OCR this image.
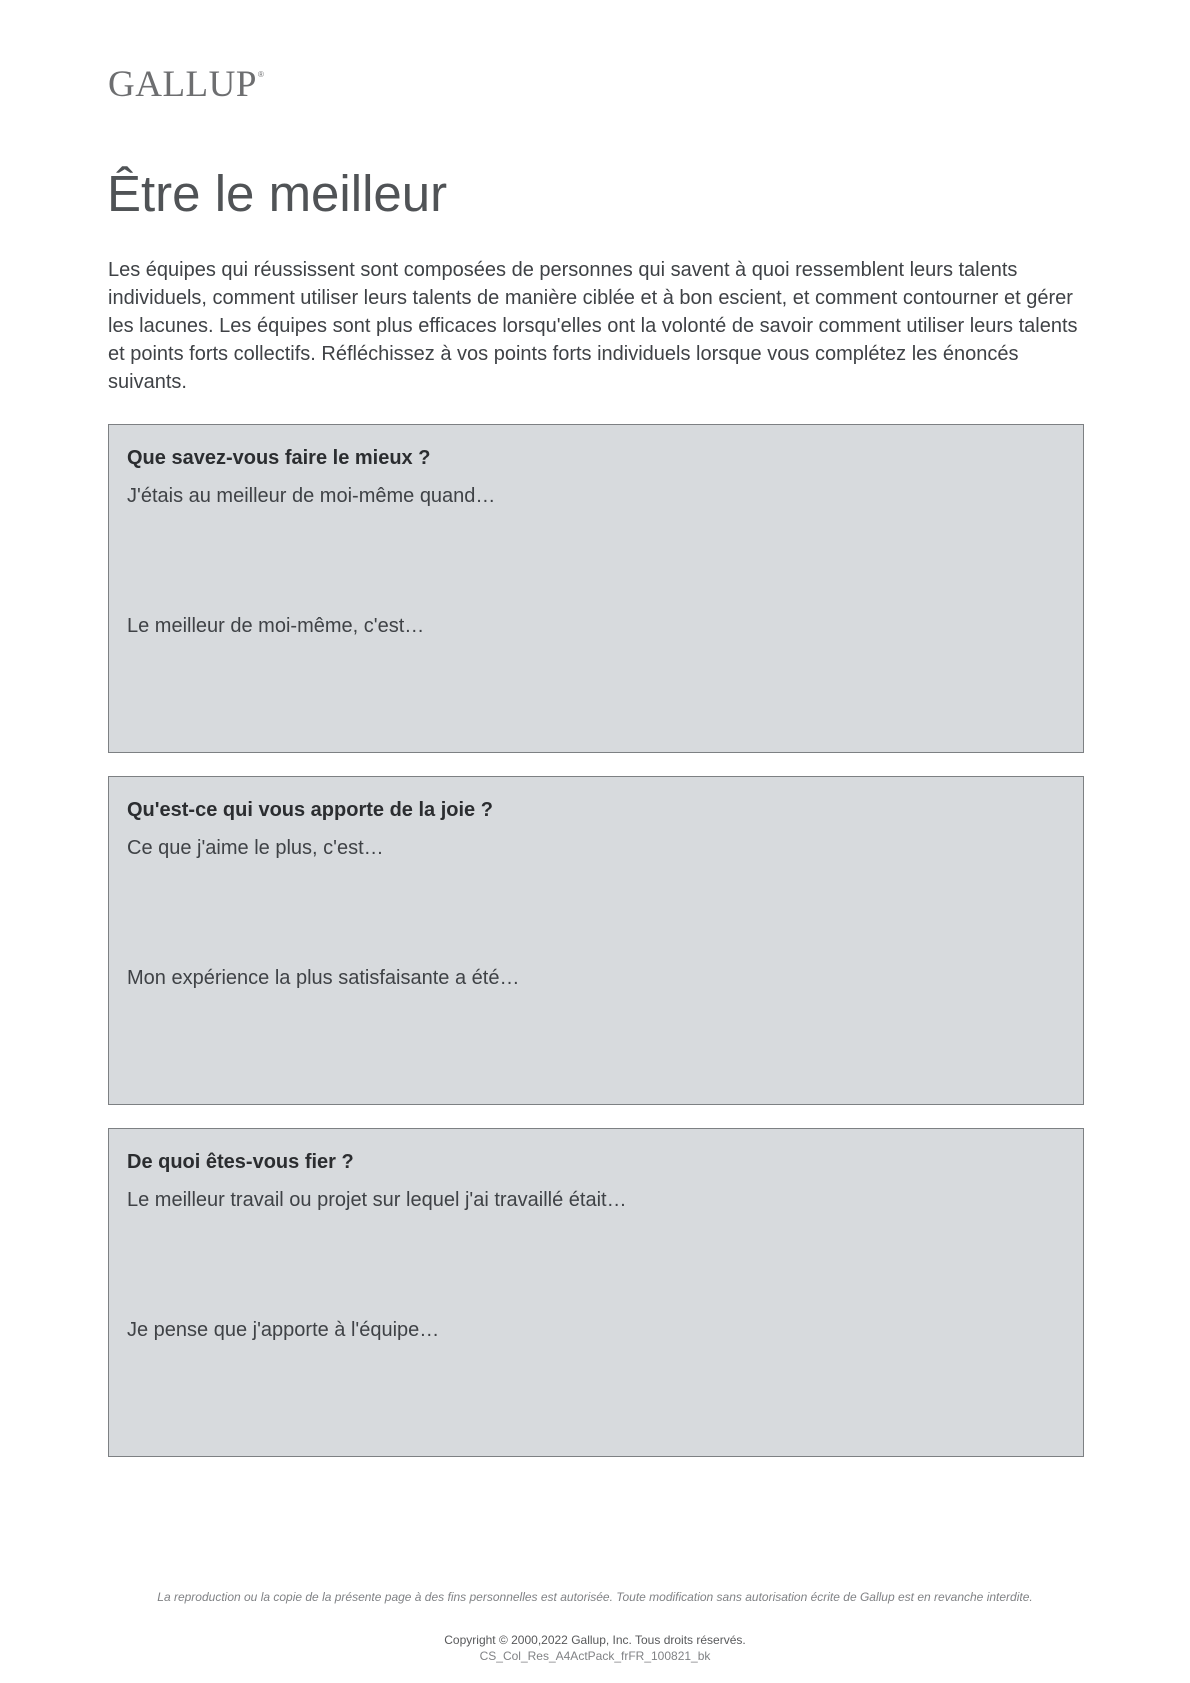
GALLUP®
Être le meilleur

Les équipes qui réussissent sont composées de personnes qui savent à quoi ressemblent leurs talents individuels, comment utiliser leurs talents de manière ciblée et à bon escient, et comment contourner et gérer les lacunes. Les équipes sont plus efficaces lorsqu'elles ont la volonté de savoir comment utiliser leurs talents et points forts collectifs. Réfléchissez à vos points forts individuels lorsque vous complétez les énoncés suivants.

Que savez-vous faire le mieux ?

J'étais au meilleur de moi-même quand…

Le meilleur de moi-même, c'est…

Qu'est-ce qui vous apporte de la joie ?

Ce que j'aime le plus, c'est…

Mon expérience la plus satisfaisante a été…

De quoi êtes-vous fier ?

Le meilleur travail ou projet sur lequel j'ai travaillé était…

Je pense que j'apporte à l'équipe…

La reproduction ou la copie de la présente page à des fins personnelles est autorisée. Toute modification sans autorisation écrite de Gallup est en revanche interdite.
Copyright © 2000,2022 Gallup, Inc. Tous droits réservés.
CS_Col_Res_A4ActPack_frFR_100821_bk
